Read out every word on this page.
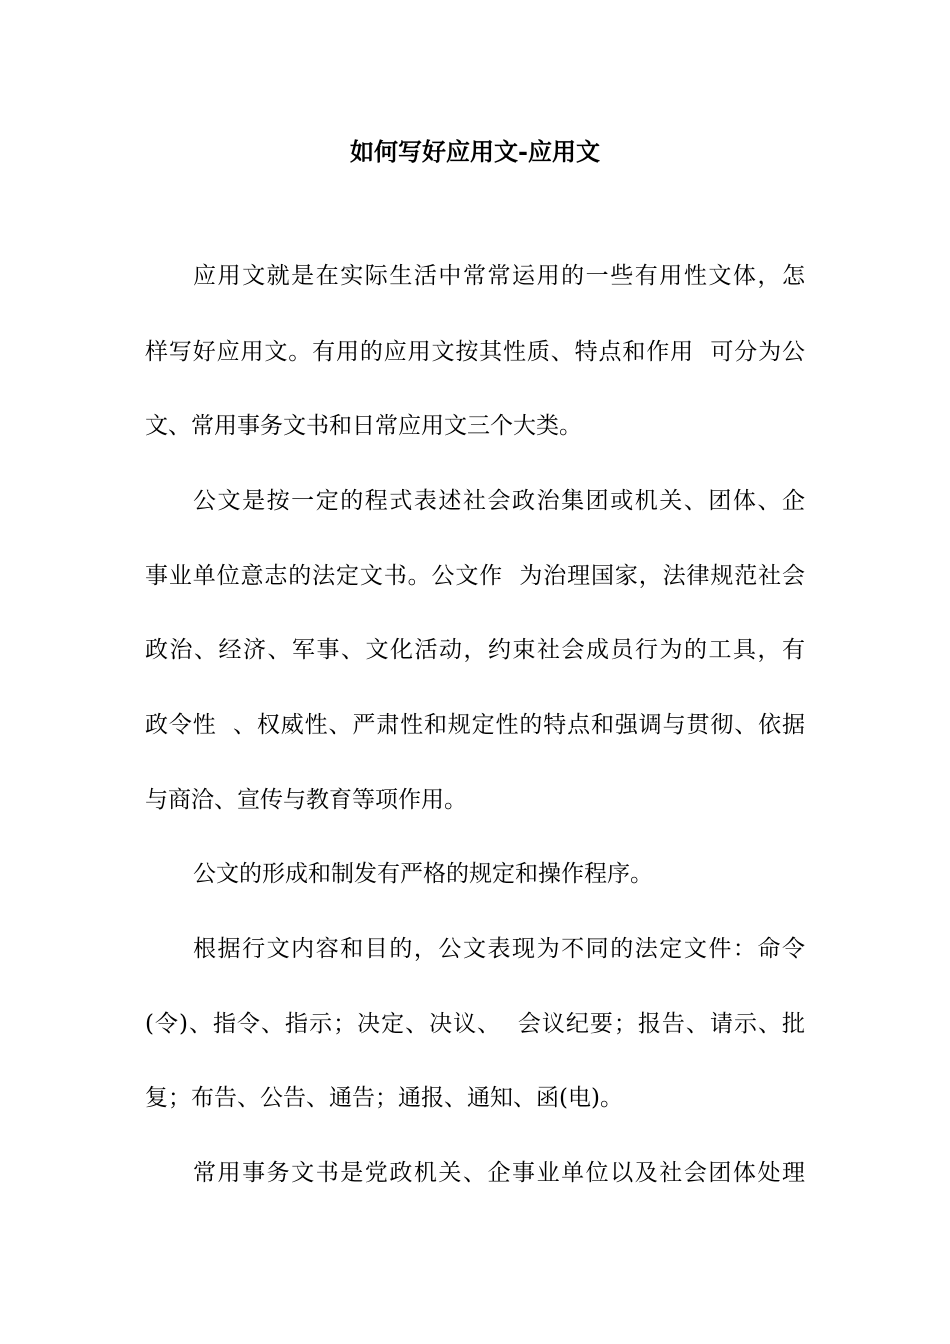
如何写好应用文-应用文

应用文就是在实际生活中常常运用的一些有用性文体，怎

样写好应用文。有用的应用文按其性质、特点和作用  可分为公

文、常用事务文书和日常应用文三个大类。

公文是按一定的程式表述社会政治集团或机关、团体、企

事业单位意志的法定文书。公文作  为治理国家，法律规范社会

政治、经济、军事、文化活动，约束社会成员行为的工具，有

政令性  、权威性、严肃性和规定性的特点和强调与贯彻、依据

与商洽、宣传与教育等项作用。

公文的形成和制发有严格的规定和操作程序。

根据行文内容和目的，公文表现为不同的法定文件：命令

(令)、指令、指示；决定、决议、  会议纪要；报告、请示、批

复；布告、公告、通告；通报、通知、函(电)。

常用事务文书是党政机关、企事业单位以及社会团体处理
